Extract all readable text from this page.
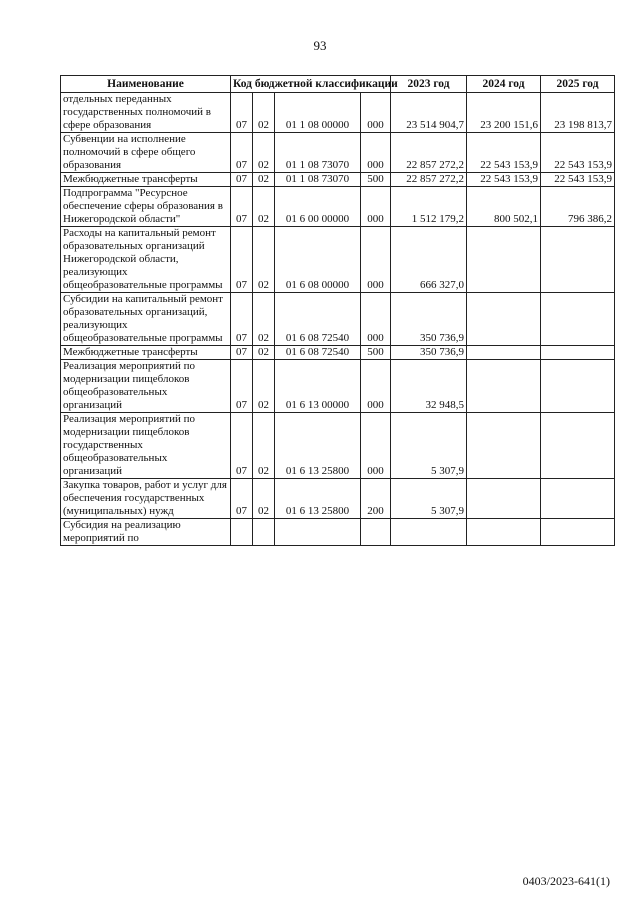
93
Наименование	Код бюджетной классификации				2023 год	2024 год	2025 год
отдельных переданных государственных полномочий в сфере образования	07	02	01 1 08 00000	000	23 514 904,7	23 200 151,6	23 198 813,7
Субвенции на исполнение полномочий в сфере общего образования	07	02	01 1 08 73070	000	22 857 272,2	22 543 153,9	22 543 153,9
Межбюджетные трансферты	07	02	01 1 08 73070	500	22 857 272,2	22 543 153,9	22 543 153,9
Подпрограмма "Ресурсное обеспечение сферы образования в Нижегородской области"	07	02	01 6 00 00000	000	1 512 179,2	800 502,1	796 386,2
Расходы на капитальный ремонт образовательных организаций Нижегородской области, реализующих общеобразовательные программы	07	02	01 6 08 00000	000	666 327,0		
Субсидии на капитальный ремонт образовательных организаций, реализующих общеобразовательные программы	07	02	01 6 08 72540	000	350 736,9		
Межбюджетные трансферты	07	02	01 6 08 72540	500	350 736,9		
Реализация мероприятий по модернизации пищеблоков общеобразовательных организаций	07	02	01 6 13 00000	000	32 948,5		
Реализация мероприятий по модернизации пищеблоков государственных общеобразовательных организаций	07	02	01 6 13 25800	000	5 307,9		
Закупка товаров, работ и услуг для обеспечения государственных (муниципальных) нужд	07	02	01 6 13 25800	200	5 307,9		
Субсидия на реализацию мероприятий по							
0403/2023-641(1)
